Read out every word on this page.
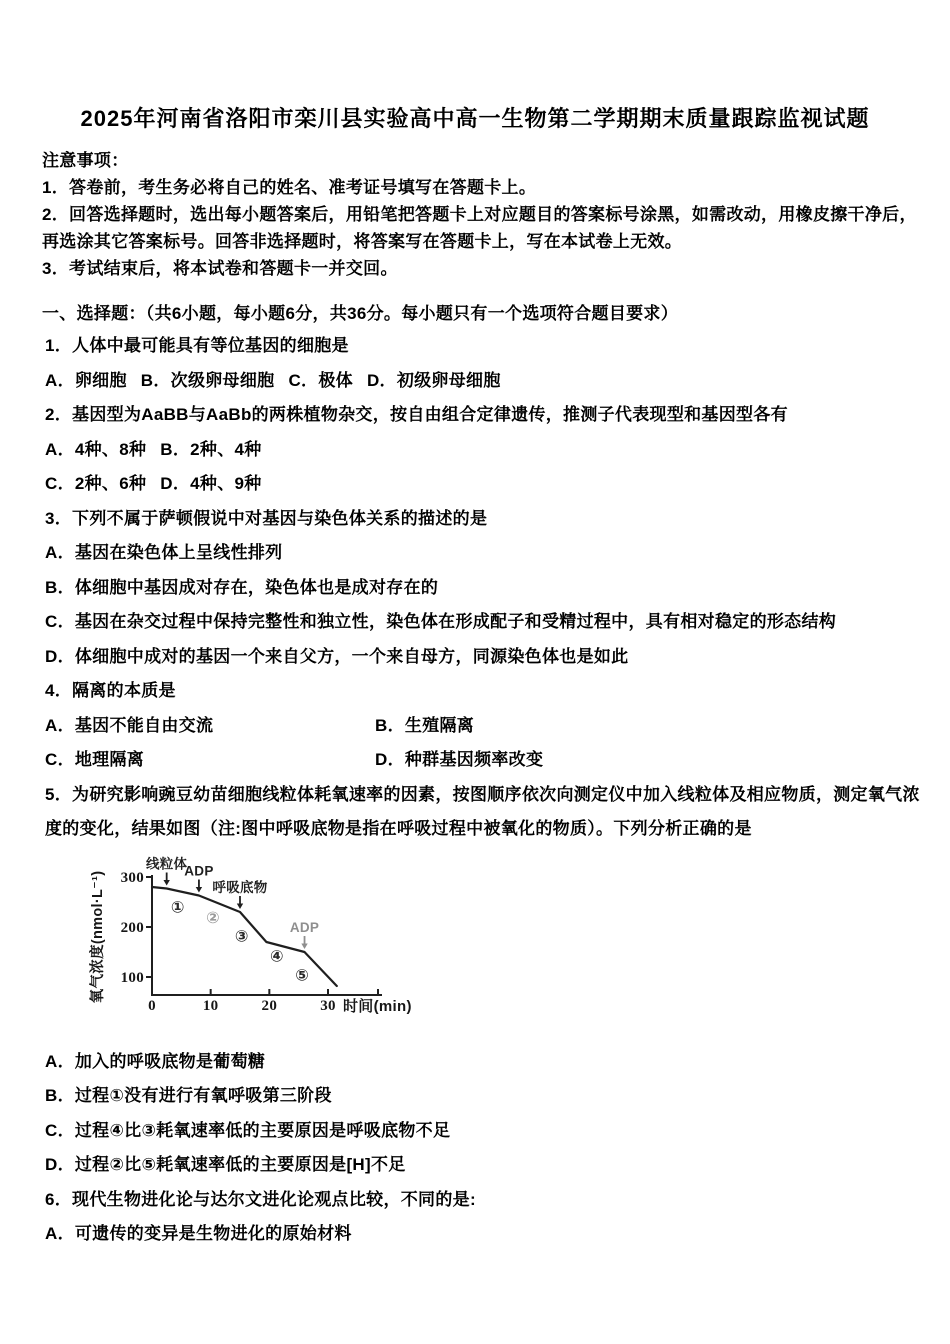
2025年河南省洛阳市栾川县实验高中高一生物第二学期期末质量跟踪监视试题
注意事项：
1．答卷前，考生务必将自己的姓名、准考证号填写在答题卡上。
2．回答选择题时，选出每小题答案后，用铅笔把答题卡上对应题目的答案标号涂黑，如需改动，用橡皮擦干净后，
再选涂其它答案标号。回答非选择题时，将答案写在答题卡上，写在本试卷上无效。
3．考试结束后，将本试卷和答题卡一并交回。
一、选择题：（共6小题，每小题6分，共36分。每小题只有一个选项符合题目要求）
1．人体中最可能具有等位基因的细胞是
A．卵细胞 B．次级卵母细胞 C．极体 D．初级卵母细胞
2．基因型为AaBB与AaBb的两株植物杂交，按自由组合定律遗传，推测子代表现型和基因型各有
A．4种、8种 B．2种、4种
C．2种、6种 D．4种、9种
3．下列不属于萨顿假说中对基因与染色体关系的描述的是
A．基因在染色体上呈线性排列
B．体细胞中基因成对存在，染色体也是成对存在的
C．基因在杂交过程中保持完整性和独立性，染色体在形成配子和受精过程中，具有相对稳定的形态结构
D．体细胞中成对的基因一个来自父方，一个来自母方，同源染色体也是如此
4．隔离的本质是
A．基因不能自由交流	B．生殖隔离
C．地理隔离	D．种群基因频率改变
5．为研究影响豌豆幼苗细胞线粒体耗氧速率的因素，按图顺序依次向测定仪中加入线粒体及相应物质，测定氧气浓
度的变化，结果如图（注:图中呼吸底物是指在呼吸过程中被氧化的物质）。下列分析正确的是
100
200
300
0	10	20	30 时间(min)
氧气浓度(nmol·L⁻¹)
线粒体
ADP
呼吸底物
ADP
①
②
③
④
⑤
A．加入的呼吸底物是葡萄糖
B．过程①没有进行有氧呼吸第三阶段
C．过程④比③耗氧速率低的主要原因是呼吸底物不足
D．过程②比⑤耗氧速率低的主要原因是[H]不足
6．现代生物进化论与达尔文进化论观点比较，不同的是:
A．可遗传的变异是生物进化的原始材料
